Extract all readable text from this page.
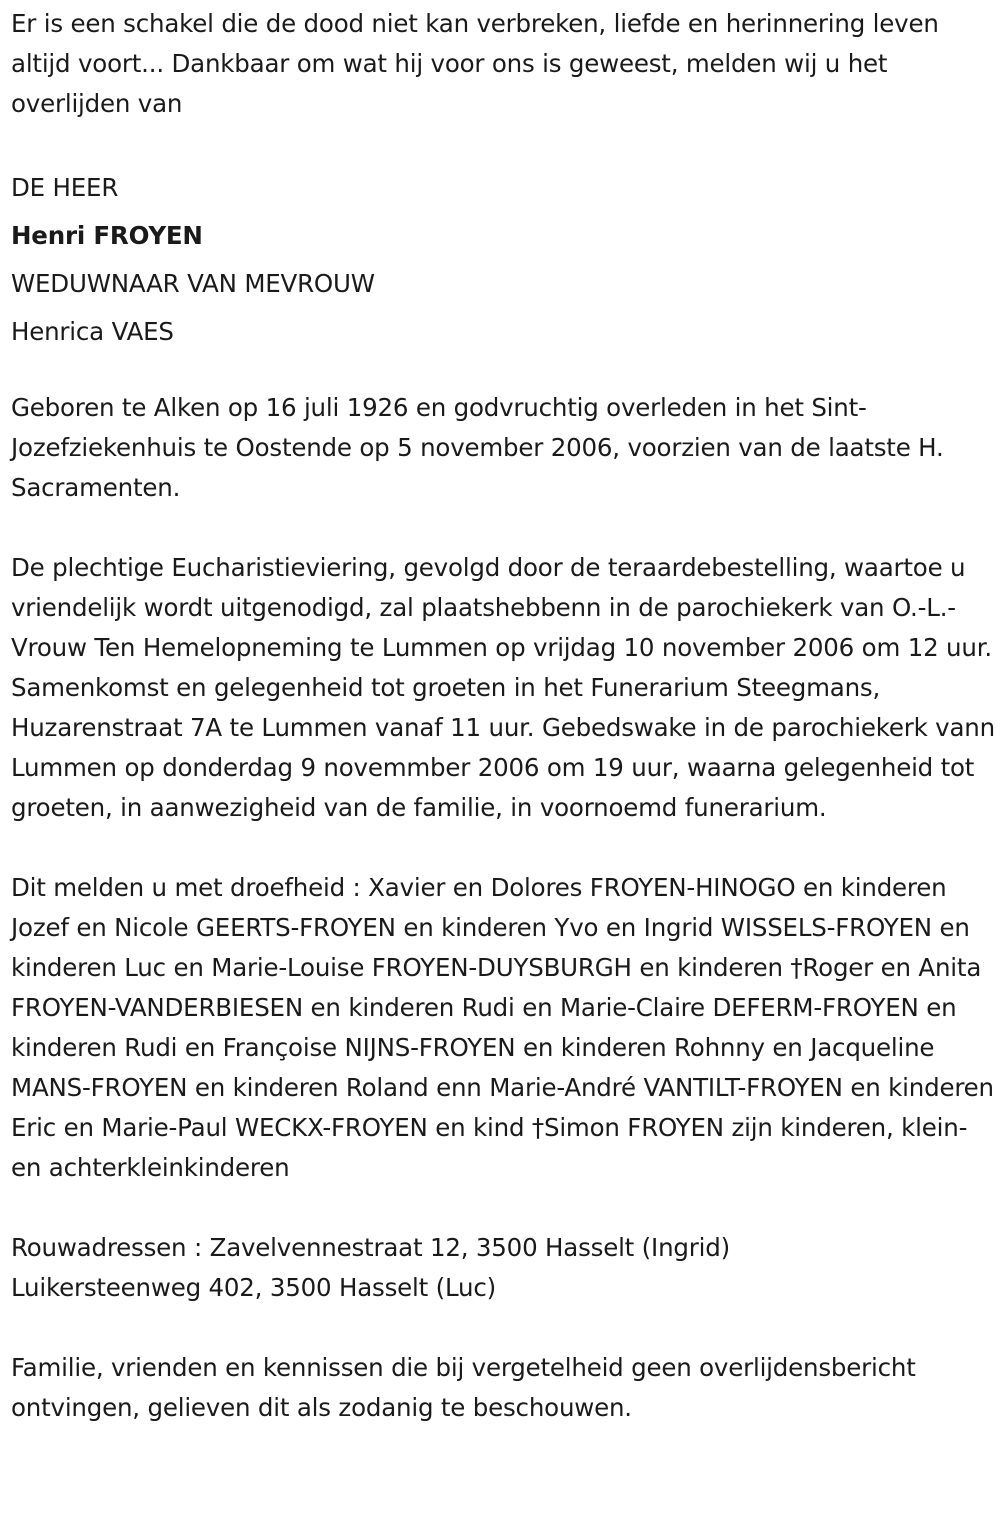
Er is een schakel die de dood niet kan verbreken, liefde en herinnering leven altijd voort... Dankbaar om wat hij voor ons is geweest, melden wij u het overlijden van

DE HEER
Henri FROYEN
WEDUWNAAR VAN MEVROUW
Henrica VAES

Geboren te Alken op 16 juli 1926 en godvruchtig overleden in het Sint-Jozefziekenhuis te Oostende op 5 november 2006, voorzien van de laatste H. Sacramenten.

De plechtige Eucharistieviering, gevolgd door de teraardebestelling, waartoe u vriendelijk wordt uitgenodigd, zal plaatshebbenn in de parochiekerk van O.-L.-Vrouw Ten Hemelopneming te Lummen op vrijdag 10 november 2006 om 12 uur. Samenkomst en gelegenheid tot groeten in het Funerarium Steegmans, Huzarenstraat 7A te Lummen vanaf 11 uur. Gebedswake in de parochiekerk vann Lummen op donderdag 9 novemmber 2006 om 19 uur, waarna gelegenheid tot groeten, in aanwezigheid van de familie, in voornoemd funerarium.

Dit melden u met droefheid : Xavier en Dolores FROYEN-HINOGO en kinderen Jozef en Nicole GEERTS-FROYEN en kinderen Yvo en Ingrid WISSELS-FROYEN en kinderen Luc en Marie-Louise FROYEN-DUYSBURGH en kinderen †Roger en Anita FROYEN-VANDERBIESEN en kinderen Rudi en Marie-Claire DEFERM-FROYEN en kinderen Rudi en Françoise NIJNS-FROYEN en kinderen Rohnny en Jacqueline MANS-FROYEN en kinderen Roland enn Marie-André VANTILT-FROYEN en kinderen Eric en Marie-Paul WECKX-FROYEN en kind †Simon FROYEN zijn kinderen, klein- en achterkleinkinderen

Rouwadressen : Zavelvennestraat 12, 3500 Hasselt (Ingrid)
Luikersteenweg 402, 3500 Hasselt (Luc)

Familie, vrienden en kennissen die bij vergetelheid geen overlijdensbericht ontvingen, gelieven dit als zodanig te beschouwen.
